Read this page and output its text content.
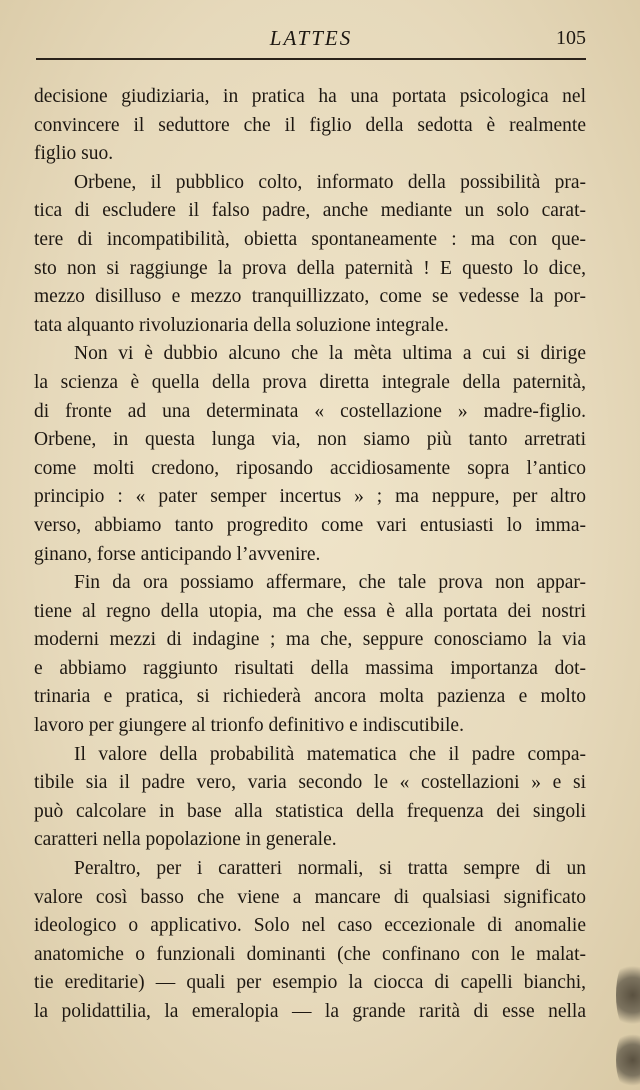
LATTES	105

decisione giudiziaria, in pratica ha una portata psicologica nel

convincere il seduttore che il figlio della sedotta è realmente

figlio suo.

Orbene, il pubblico colto, informato della possibilità pra-

tica di escludere il falso padre, anche mediante un solo carat-

tere di incompatibilità, obietta spontaneamente : ma con que-

sto non si raggiunge la prova della paternità ! E questo lo dice,

mezzo disilluso e mezzo tranquillizzato, come se vedesse la por-

tata alquanto rivoluzionaria della soluzione integrale.

Non vi è dubbio alcuno che la mèta ultima a cui si dirige

la scienza è quella della prova diretta integrale della paternità,

di fronte ad una determinata « costellazione » madre-figlio.

Orbene, in questa lunga via, non siamo più tanto arretrati

come molti credono, riposando accidiosamente sopra l’antico

principio : « pater semper incertus » ; ma neppure, per altro

verso, abbiamo tanto progredito come vari entusiasti lo imma-

ginano, forse anticipando l’avvenire.

Fin da ora possiamo affermare, che tale prova non appar-

tiene al regno della utopia, ma che essa è alla portata dei nostri

moderni mezzi di indagine ; ma che, seppure conosciamo la via

e abbiamo raggiunto risultati della massima importanza dot-

trinaria e pratica, si richiederà ancora molta pazienza e molto

lavoro per giungere al trionfo definitivo e indiscutibile.

Il valore della probabilità matematica che il padre compa-

tibile sia il padre vero, varia secondo le « costellazioni » e si

può calcolare in base alla statistica della frequenza dei singoli

caratteri nella popolazione in generale.

Peraltro, per i caratteri normali, si tratta sempre di un

valore così basso che viene a mancare di qualsiasi significato

ideologico o applicativo. Solo nel caso eccezionale di anomalie

anatomiche o funzionali dominanti (che confinano con le malat-

tie ereditarie) — quali per esempio la ciocca di capelli bianchi,

la polidattilia, la emeralopia — la grande rarità di esse nella
